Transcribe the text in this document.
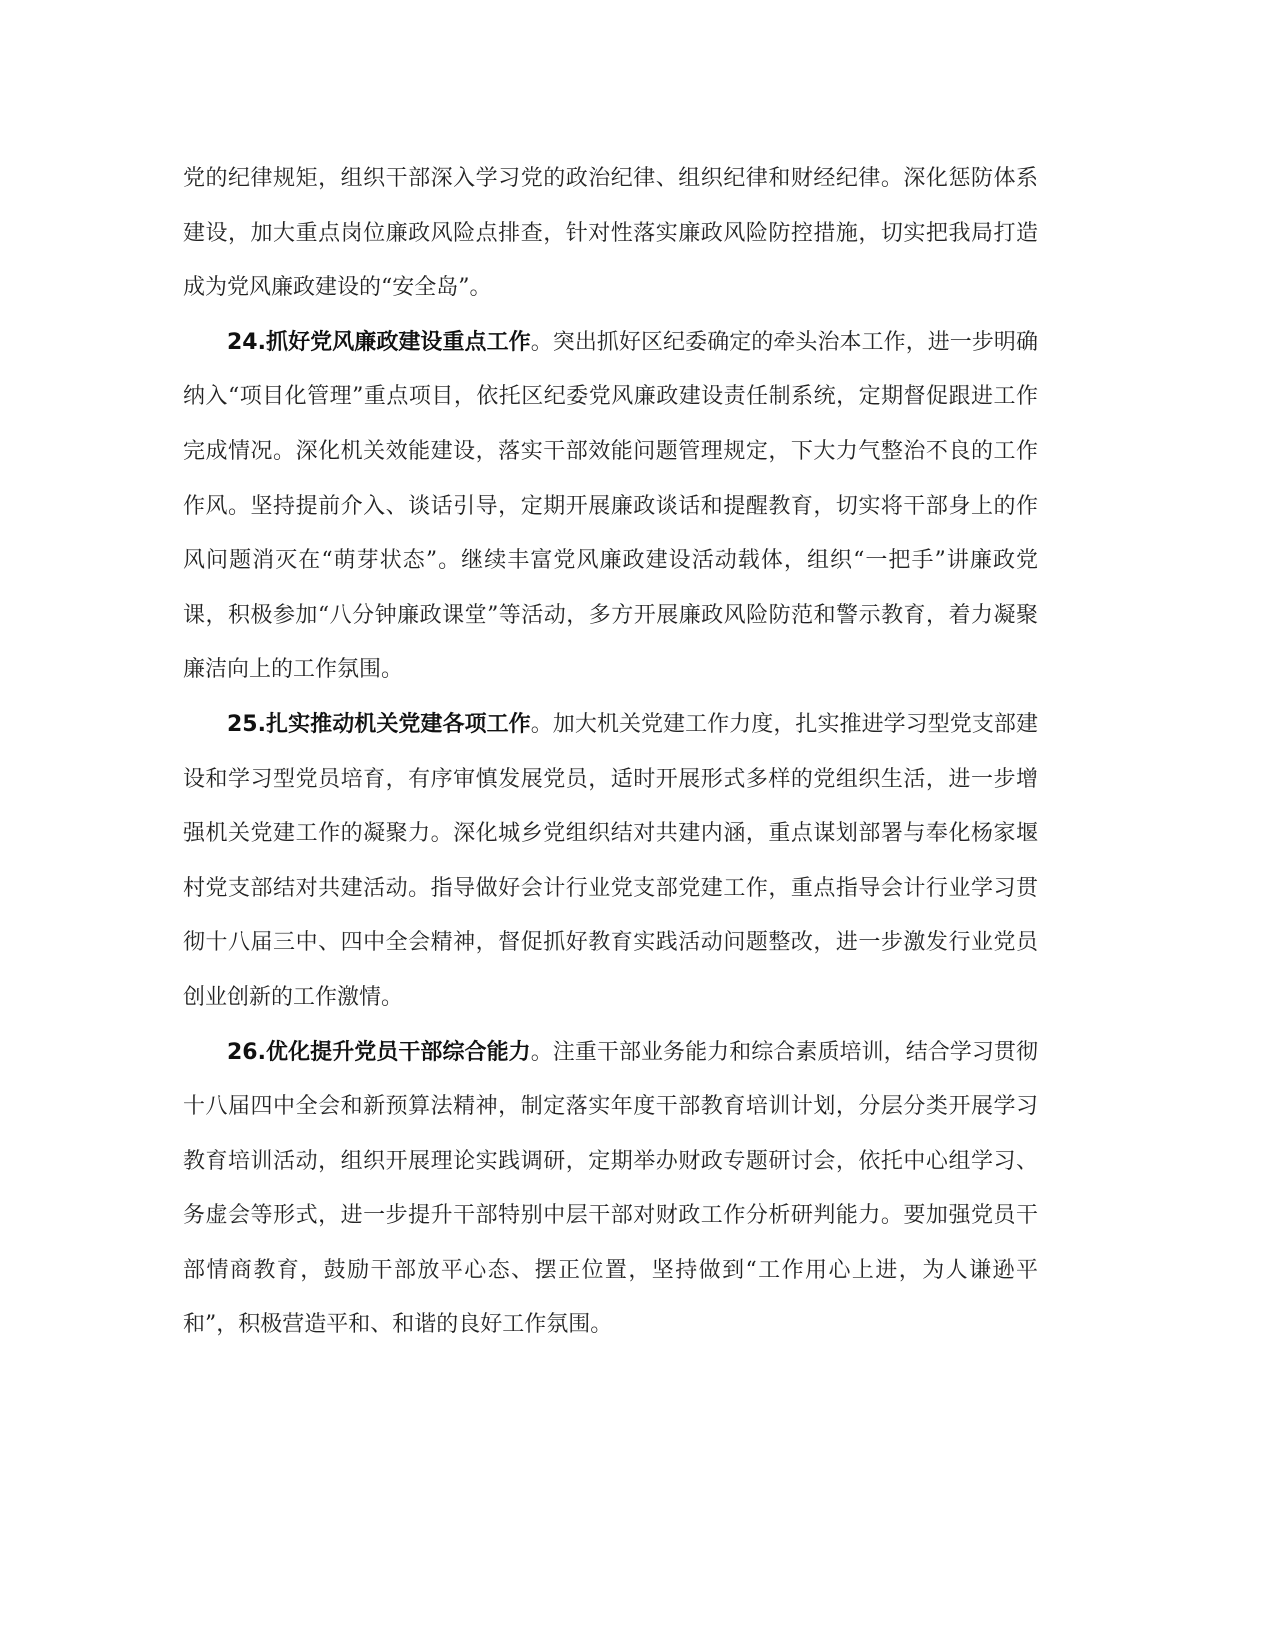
党的纪律规矩，组织干部深入学习党的政治纪律、组织纪律和财经纪律。深化惩防体系建设，加大重点岗位廉政风险点排查，针对性落实廉政风险防控措施，切实把我局打造成为党风廉政建设的“安全岛”。

24.抓好党风廉政建设重点工作。突出抓好区纪委确定的牵头治本工作，进一步明确纳入“项目化管理”重点项目，依托区纪委党风廉政建设责任制系统，定期督促跟进工作完成情况。深化机关效能建设，落实干部效能问题管理规定，下大力气整治不良的工作作风。坚持提前介入、谈话引导，定期开展廉政谈话和提醒教育，切实将干部身上的作风问题消灭在“萌芽状态”。继续丰富党风廉政建设活动载体，组织“一把手”讲廉政党课，积极参加“八分钟廉政课堂”等活动，多方开展廉政风险防范和警示教育，着力凝聚廉洁向上的工作氛围。

25.扎实推动机关党建各项工作。加大机关党建工作力度，扎实推进学习型党支部建设和学习型党员培育，有序审慎发展党员，适时开展形式多样的党组织生活，进一步增强机关党建工作的凝聚力。深化城乡党组织结对共建内涵，重点谋划部署与奉化杨家堰村党支部结对共建活动。指导做好会计行业党支部党建工作，重点指导会计行业学习贯彻十八届三中、四中全会精神，督促抓好教育实践活动问题整改，进一步激发行业党员创业创新的工作激情。

26.优化提升党员干部综合能力。注重干部业务能力和综合素质培训，结合学习贯彻十八届四中全会和新预算法精神，制定落实年度干部教育培训计划，分层分类开展学习教育培训活动，组织开展理论实践调研，定期举办财政专题研讨会，依托中心组学习、务虚会等形式，进一步提升干部特别中层干部对财政工作分析研判能力。要加强党员干部情商教育，鼓励干部放平心态、摆正位置，坚持做到“工作用心上进，为人谦逊平和”，积极营造平和、和谐的良好工作氛围。
